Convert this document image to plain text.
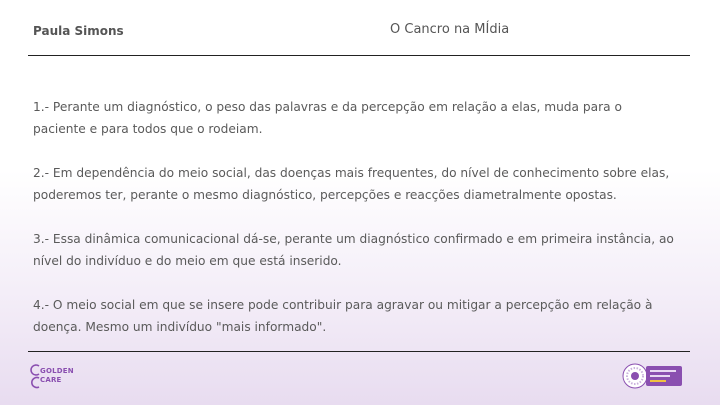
Paula Simons	O Cancro na MÍdia

1.- Perante um diagnóstico, o peso das palavras e da percepção em relação a elas, muda para o paciente e para todos que o rodeiam.

2.- Em dependência do meio social, das doenças mais frequentes, do nível de conhecimento sobre elas, poderemos ter, perante o mesmo diagnóstico, percepções e reacções diametralmente opostas.

3.- Essa dinâmica comunicacional dá-se, perante um diagnóstico confirmado e em primeira instância, ao nível do indivíduo e do meio em que está inserido.

4.- O meio social em que se insere pode contribuir para agravar ou mitigar a percepção em relação à doença. Mesmo um indivíduo "mais informado".

GOLDEN
CARE
